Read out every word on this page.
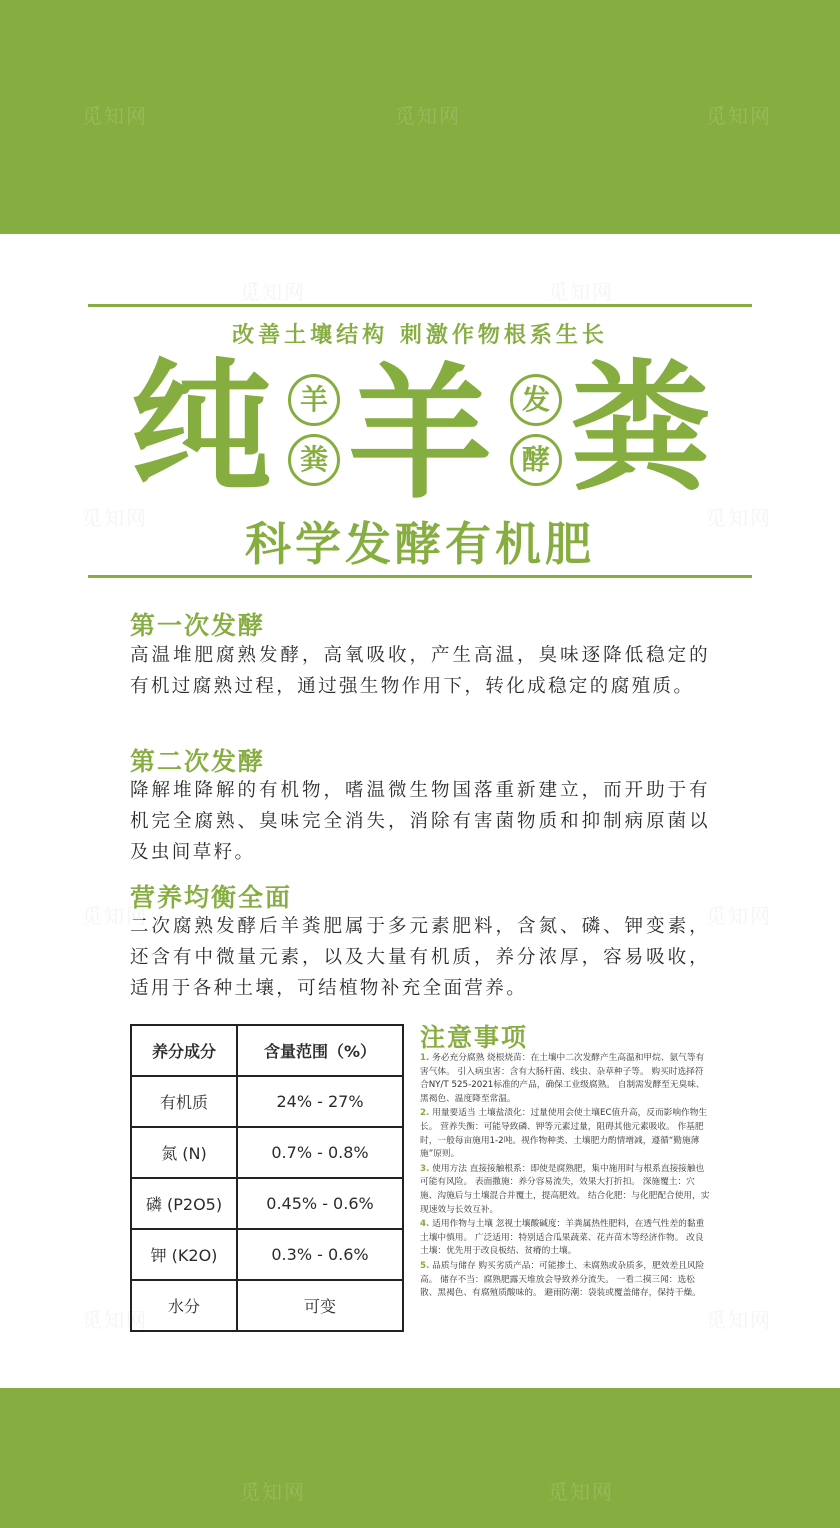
觅知网	觅知网	觅知网
觅知网	觅知网
觅知网	觅知网
觅知网	觅知网
觅知网	觅知网
觅知网	觅知网
改善土壤结构 刺激作物根系生长
纯 羊
粪 羊	发
酵 粪
科学发酵有机肥
第一次发酵
高温堆肥腐熟发酵，高氧吸收，产生高温，臭味逐降低稳定的有机过腐熟过程，通过强生物作用下，转化成稳定的腐殖质。
第二次发酵
降解堆降解的有机物，嗜温微生物国落重新建立，而开助于有机完全腐熟、臭味完全消失，消除有害菌物质和抑制病原菌以及虫间草籽。
营养均衡全面
二次腐熟发酵后羊粪肥属于多元素肥料，含氮、磷、钾变素，还含有中微量元素，以及大量有机质，养分浓厚，容易吸收，适用于各种土壤，可结植物补充全面营养。
养分成分	含量范围（%）
有机质	24% - 27%
氮 (N)	0.7% - 0.8%
磷 (P2O5)	0.45% - 0.6%
钾 (K2O)	0.3% - 0.6%
水分	可变
注意事项
1. 务必充分腐熟 烧根烧苗：在土壤中二次发酵产生高温和甲烷、氨气等有害气体。 引入病虫害：含有大肠杆菌、线虫、杂草种子等。 购买时选择符合NY/T 525-2021标准的产品，确保工业级腐熟。 自制需发酵至无臭味、黑褐色、温度降至常温。
2. 用量要适当 土壤盐渍化：过量使用会使土壤EC值升高，反而影响作物生长。 营养失衡：可能导致磷、钾等元素过量，阻碍其他元素吸收。 作基肥时，一般每亩施用1-2吨。视作物种类、土壤肥力酌情增减，遵循“勤施薄施”原则。
3. 使用方法 直接接触根系：即使是腐熟肥，集中施用时与根系直接接触也可能有风险。 表面撒施：养分容易流失，效果大打折扣。 深施覆土：穴施、沟施后与土壤混合并覆土，提高肥效。 结合化肥：与化肥配合使用，实现速效与长效互补。
4. 适用作物与土壤 忽视土壤酸碱度：羊粪属热性肥料，在透气性差的黏重土壤中慎用。 广泛适用：特别适合瓜果蔬菜、花卉苗木等经济作物。 改良土壤：优先用于改良板结、贫瘠的土壤。
5. 品质与储存 购买劣质产品：可能掺土、未腐熟或杂质多，肥效差且风险高。 储存不当：腐熟肥露天堆放会导致养分流失。 一看二摸三闻：选松散、黑褐色、有腐殖质酸味的。 避雨防潮：袋装或覆盖储存，保持干燥。
